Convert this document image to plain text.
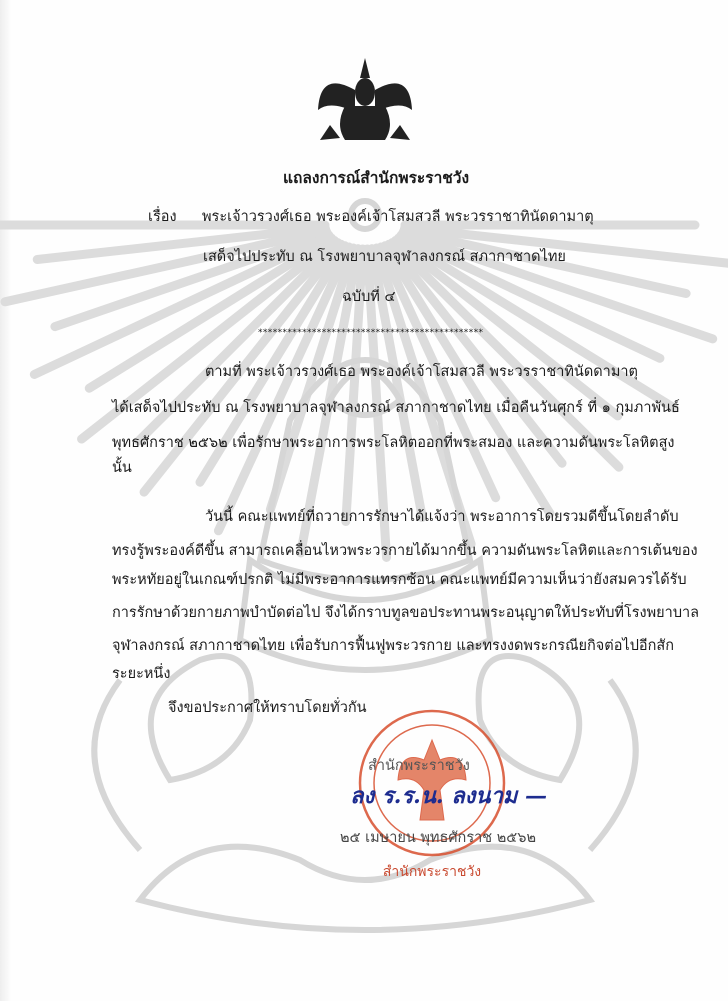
แถลงการณ์สำนักพระราชวัง
เรื่อง พระเจ้าวรวงศ์เธอ พระองค์เจ้าโสมสวลี พระวรราชาทินัดดามาตุ
เสด็จไปประทับ ณ โรงพยาบาลจุฬาลงกรณ์ สภากาชาดไทย
ฉบับที่ ๔
**********************************************
ตามที่ พระเจ้าวรวงศ์เธอ พระองค์เจ้าโสมสวลี พระวรราชาทินัดดามาตุ
ได้เสด็จไปประทับ ณ โรงพยาบาลจุฬาลงกรณ์ สภากาชาดไทย เมื่อคืนวันศุกร์ ที่ ๑ กุมภาพันธ์
พุทธศักราช ๒๕๖๒ เพื่อรักษาพระอาการพระโลหิตออกที่พระสมอง และความดันพระโลหิตสูง
นั้น
วันนี้ คณะแพทย์ที่ถวายการรักษาได้แจ้งว่า พระอาการโดยรวมดีขึ้นโดยลำดับ
ทรงรู้พระองค์ดีขึ้น สามารถเคลื่อนไหวพระวรกายได้มากขึ้น ความดันพระโลหิตและการเต้นของ
พระหทัยอยู่ในเกณฑ์ปรกติ ไม่มีพระอาการแทรกซ้อน คณะแพทย์มีความเห็นว่ายังสมควรได้รับ
การรักษาด้วยกายภาพบำบัดต่อไป จึงได้กราบทูลขอประทานพระอนุญาตให้ประทับที่โรงพยาบาล
จุฬาลงกรณ์ สภากาชาดไทย เพื่อรับการฟื้นฟูพระวรกาย และทรงงดพระกรณียกิจต่อไปอีกสัก
ระยะหนึ่ง
จึงขอประกาศให้ทราบโดยทั่วกัน
สำนักพระราชวัง
สำนักพระราชวัง
ลง ร.ร.น. ลงนาม —
๒๕ เมษายน พุทธศักราช ๒๕๖๒
